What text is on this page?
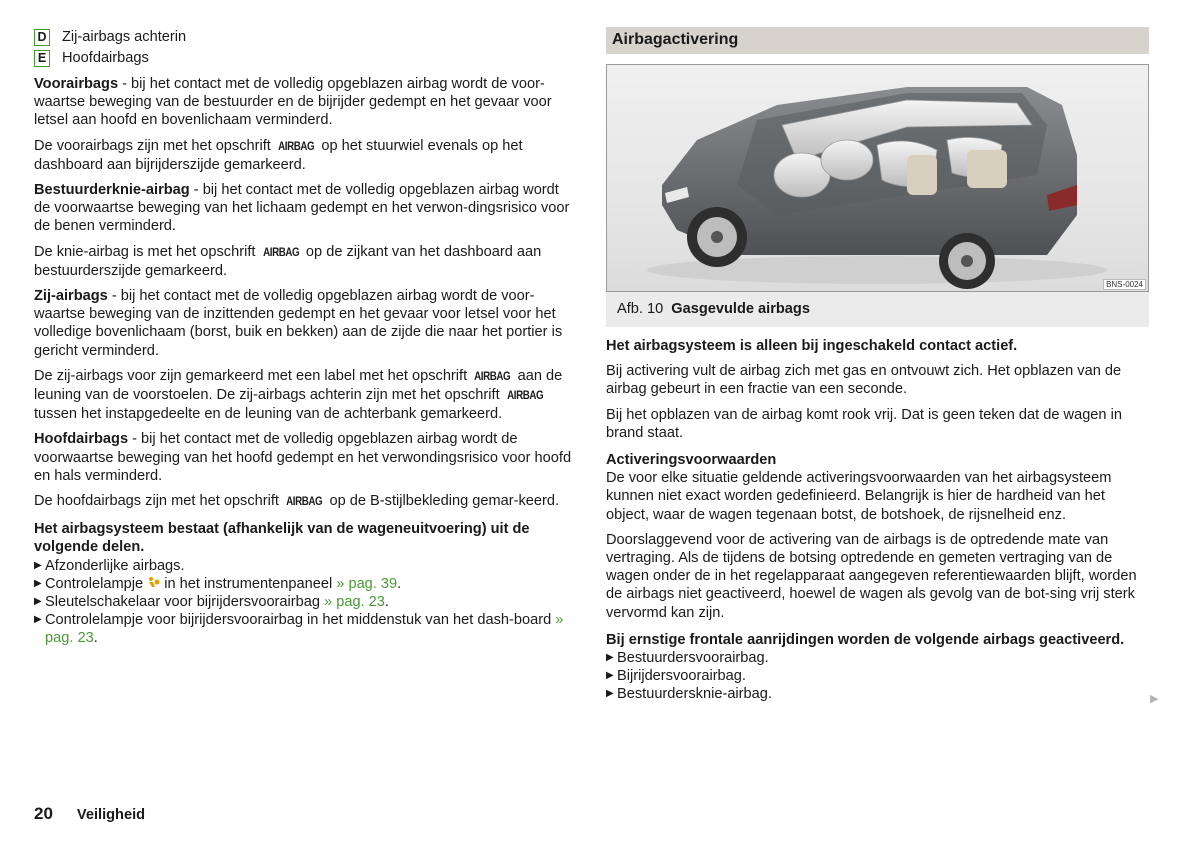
D Zij-airbags achterin
E Hoofdairbags

Voorairbags - bij het contact met de volledig opgeblazen airbag wordt de voor-waartse beweging van de bestuurder en de bijrijder gedempt en het gevaar voor letsel aan hoofd en bovenlichaam verminderd.

De voorairbags zijn met het opschrift AIRBAG op het stuurwiel evenals op het dashboard aan bijrijderszijde gemarkeerd.

Bestuurderknie-airbag - bij het contact met de volledig opgeblazen airbag wordt de voorwaartse beweging van het lichaam gedempt en het verwon-dingsrisico voor de benen verminderd.

De knie-airbag is met het opschrift AIRBAG op de zijkant van het dashboard aan bestuurderszijde gemarkeerd.

Zij-airbags - bij het contact met de volledig opgeblazen airbag wordt de voor-waartse beweging van de inzittenden gedempt en het gevaar voor letsel voor het volledige bovenlichaam (borst, buik en bekken) aan de zijde die naar het portier is gericht verminderd.

De zij-airbags voor zijn gemarkeerd met een label met het opschrift AIRBAG aan de leuning van de voorstoelen. De zij-airbags achterin zijn met het opschrift AIRBAG tussen het instapgedeelte en de leuning van de achterbank gemarkeerd.

Hoofdairbags - bij het contact met de volledig opgeblazen airbag wordt de voorwaartse beweging van het hoofd gedempt en het verwondingsrisico voor hoofd en hals verminderd.

De hoofdairbags zijn met het opschrift AIRBAG op de B-stijlbekleding gemar-keerd.

Het airbagsysteem bestaat (afhankelijk van de wageneuitvoering) uit de volgende delen.

▶ Afzonderlijke airbags.
▶ Controlelampje  in het instrumentenpaneel » pag. 39.
▶ Sleutelschakelaar voor bijrijdersvoorairbag » pag. 23.
▶ Controlelampje voor bijrijdersvoorairbag in het middenstuk van het dash-board » pag. 23.
Airbagactivering
BNS-0024
Afb. 10 Gasgevulde airbags

Het airbagsysteem is alleen bij ingeschakeld contact actief.

Bij activering vult de airbag zich met gas en ontvouwt zich. Het opblazen van de airbag gebeurt in een fractie van een seconde.

Bij het opblazen van de airbag komt rook vrij. Dat is geen teken dat de wagen in brand staat.

Activeringsvoorwaarden

De voor elke situatie geldende activeringsvoorwaarden van het airbagsysteem kunnen niet exact worden gedefinieerd. Belangrijk is hier de hardheid van het object, waar de wagen tegenaan botst, de botshoek, de rijsnelheid enz.

Doorslaggevend voor de activering van de airbags is de optredende mate van vertraging. Als de tijdens de botsing optredende en gemeten vertraging van de wagen onder de in het regelapparaat aangegeven referentiewaarden blijft, worden de airbags niet geactiveerd, hoewel de wagen als gevolg van de bot-sing vrij sterk vervormd kan zijn.

Bij ernstige frontale aanrijdingen worden de volgende airbags geactiveerd.

▶ Bestuurdersvoorairbag.
▶ Bijrijdersvoorairbag.
▶ Bestuurderskniе-airbag.	▶
20 Veiligheid
